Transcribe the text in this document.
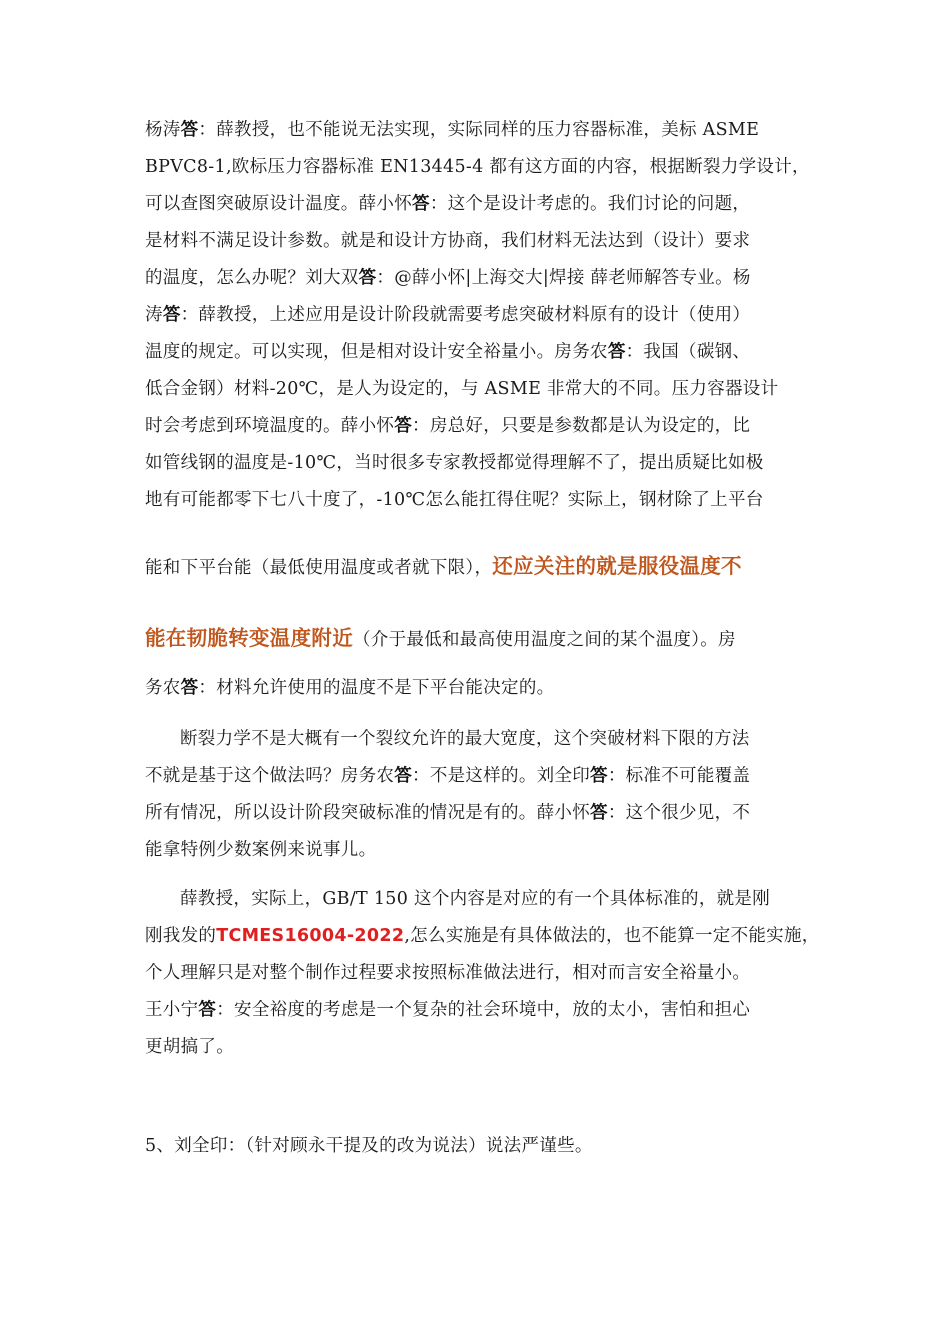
杨涛答：薛教授，也不能说无法实现，实际同样的压力容器标准，美标 ASME
BPVC8-1,欧标压力容器标准 EN13445-4 都有这方面的内容，根据断裂力学设计，
可以查图突破原设计温度。薛小怀答：这个是设计考虑的。我们讨论的问题，
是材料不满足设计参数。就是和设计方协商，我们材料无法达到（设计）要求
的温度，怎么办呢？刘大双答：@薛小怀|上海交大|焊接 薛老师解答专业。杨
涛答：薛教授，上述应用是设计阶段就需要考虑突破材料原有的设计（使用）
温度的规定。可以实现，但是相对设计安全裕量小。房务农答：我国（碳钢、
低合金钢）材料-20℃，是人为设定的，与 ASME 非常大的不同。压力容器设计
时会考虑到环境温度的。薛小怀答：房总好，只要是参数都是认为设定的，比
如管线钢的温度是-10℃，当时很多专家教授都觉得理解不了，提出质疑比如极
地有可能都零下七八十度了，-10℃怎么能扛得住呢？实际上，钢材除了上平台
能和下平台能（最低使用温度或者就下限），还应关注的就是服役温度不
能在韧脆转变温度附近（介于最低和最高使用温度之间的某个温度）。房
务农答：材料允许使用的温度不是下平台能决定的。
断裂力学不是大概有一个裂纹允许的最大宽度，这个突破材料下限的方法
不就是基于这个做法吗？房务农答：不是这样的。刘全印答：标准不可能覆盖
所有情况，所以设计阶段突破标准的情况是有的。薛小怀答：这个很少见，不
能拿特例少数案例来说事儿。
薛教授，实际上，GB/T 150 这个内容是对应的有一个具体标准的，就是刚
刚我发的TCMES16004-2022,怎么实施是有具体做法的，也不能算一定不能实施，
个人理解只是对整个制作过程要求按照标准做法进行，相对而言安全裕量小。
王小宁答：安全裕度的考虑是一个复杂的社会环境中，放的太小，害怕和担心
更胡搞了。
5、刘全印：（针对顾永干提及的改为说法）说法严谨些。
